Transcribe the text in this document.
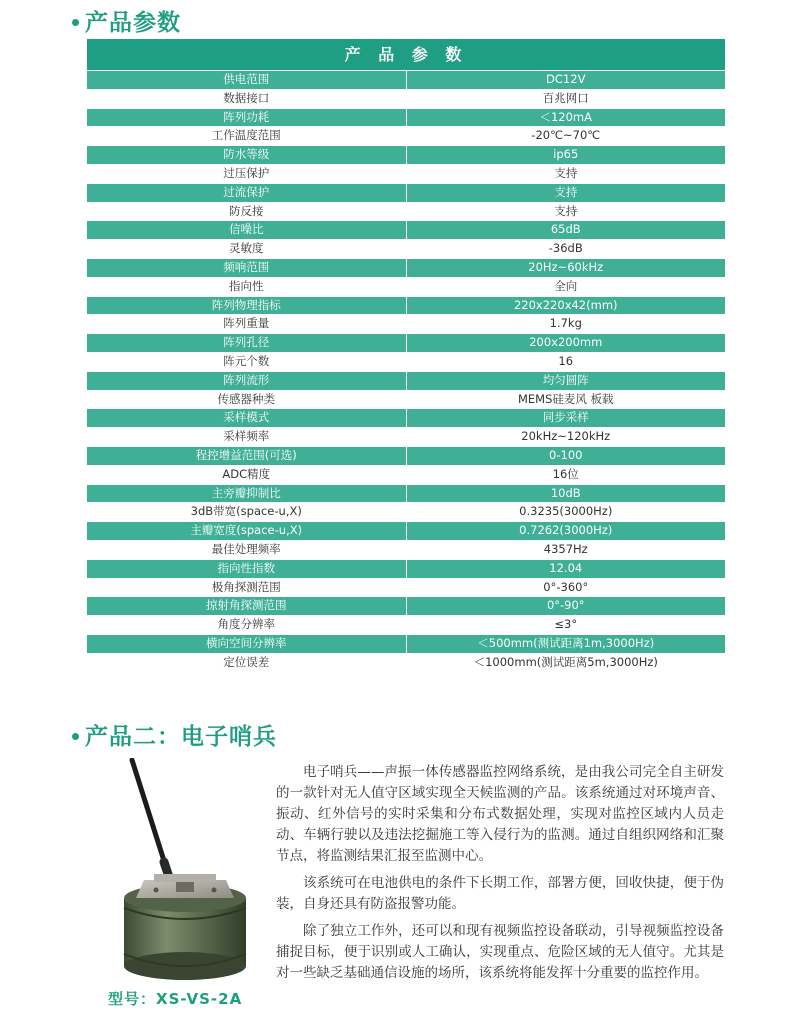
产品参数
产 品 参 数	
供电范围	DC12V
数据接口	百兆网口
阵列功耗	＜120mA
工作温度范围	-20℃~70℃
防水等级	ip65
过压保护	支持
过流保护	支持
防反接	支持
信噪比	65dB
灵敏度	-36dB
频响范围	20Hz~60kHz
指向性	全向
阵列物理指标	220x220x42(mm)
阵列重量	1.7kg
阵列孔径	200x200mm
阵元个数	16
阵列流形	均匀圆阵
传感器种类	MEMS硅麦风 板载
采样模式	同步采样
采样频率	20kHz~120kHz
程控增益范围(可选)	0-100
ADC精度	16位
主旁瓣抑制比	10dB
3dB带宽(space-u,X)	0.3235(3000Hz)
主瓣宽度(space-u,X)	0.7262(3000Hz)
最佳处理频率	4357Hz
指向性指数	12.04
极角探测范围	0°-360°
掠射角探测范围	0°-90°
角度分辨率	≤3°
横向空间分辨率	＜500mm(测试距离1m,3000Hz)
定位误差	＜1000mm(测试距离5m,3000Hz)
产品二：电子哨兵
型号：XS-VS-2A

电子哨兵——声振一体传感器监控网络系统，是由我公司完全自主研发的一款针对无人值守区域实现全天候监测的产品。该系统通过对环境声音、振动、红外信号的实时采集和分布式数据处理，实现对监控区域内人员走动、车辆行驶以及违法挖掘施工等入侵行为的监测。通过自组织网络和汇聚节点，将监测结果汇报至监测中心。

该系统可在电池供电的条件下长期工作，部署方便，回收快捷，便于伪装，自身还具有防盗报警功能。

除了独立工作外，还可以和现有视频监控设备联动，引导视频监控设备捕捉目标，便于识别或人工确认，实现重点、危险区域的无人值守。尤其是对一些缺乏基础通信设施的场所，该系统将能发挥十分重要的监控作用。
